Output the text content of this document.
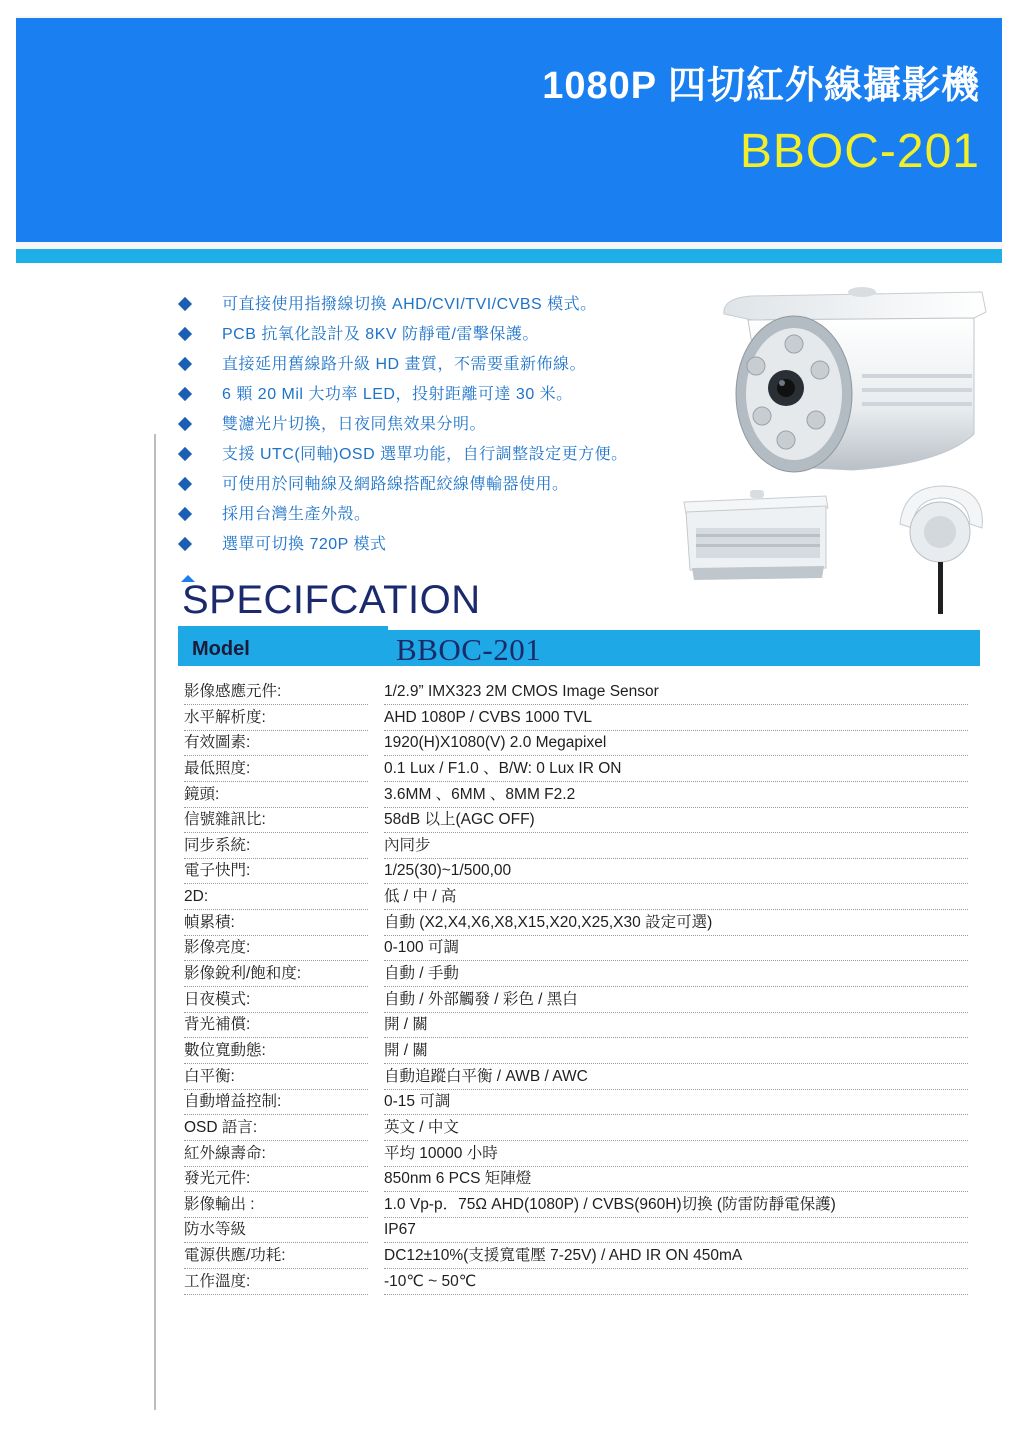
1080P 四切紅外線攝影機
BBOC-201
可直接使用指撥線切換 AHD/CVI/TVI/CVBS 模式。
PCB 抗氧化設計及 8KV 防靜電/雷擊保護。
直接延用舊線路升級 HD 畫質，不需要重新佈線。
6 顆 20 Mil 大功率 LED，投射距離可達 30 米。
雙濾光片切換，日夜同焦效果分明。
支援 UTC(同軸)OSD 選單功能，自行調整設定更方便。
可使用於同軸線及網路線搭配絞線傳輸器使用。
採用台灣生產外殼。
選單可切換 720P 模式
SPECIFCATION
Model	BBOC-201
影像感應元件:	1/2.9” IMX323 2M CMOS Image Sensor
水平解析度:	AHD 1080P / CVBS 1000 TVL
有效圖素:	1920(H)X1080(V) 2.0 Megapixel
最低照度:	0.1 Lux / F1.0 、B/W: 0 Lux IR ON
鏡頭:	3.6MM 、6MM 、8MM F2.2
信號雜訊比:	58dB 以上(AGC OFF)
同步系統:	內同步
電子快門:	1/25(30)~1/500,00
2D:	低 / 中 / 高
幀累積:	自動 (X2,X4,X6,X8,X15,X20,X25,X30 設定可選)
影像亮度:	0-100 可調
影像銳利/飽和度:	自動 / 手動
日夜模式:	自動 / 外部觸發 / 彩色 / 黑白
背光補償:	開 / 關
數位寬動態:	開 / 關
白平衡:	自動追蹤白平衡 / AWB / AWC
自動增益控制:	0-15 可調
OSD 語言:	英文 / 中文
紅外線壽命:	平均 10000 小時
發光元件:	850nm 6 PCS 矩陣燈
影像輸出 :	1.0 Vp-p．75Ω AHD(1080P) / CVBS(960H)切換 (防雷防靜電保護)
防水等級	IP67
電源供應/功耗:	DC12±10%(支援寬電壓 7-25V) / AHD IR ON 450mA
工作溫度:	-10℃ ~ 50℃
